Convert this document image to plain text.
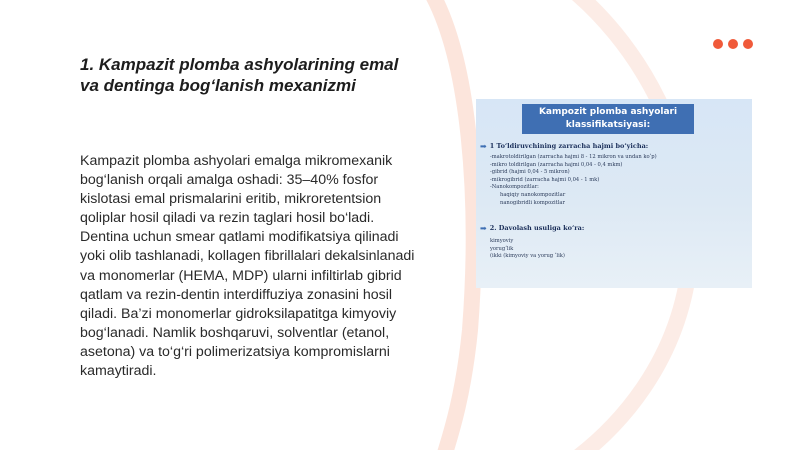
1. Kampazit plomba ashyolarining emal va dentinga bog‘lanish mexanizmi

Kampazit plomba ashyolari emalga mikromexanik bog‘lanish orqali amalga oshadi: 35–40% fosfor kislotasi emal prismalarini eritib, mikroretentsion qoliplar hosil qiladi va rezin taglari hosil bo‘ladi. Dentina uchun smear qatlami modifikatsiya qilinadi yoki olib tashlanadi, kollagen fibrillalari dekalsinlanadi va monomerlar (HEMA, MDP) ularni infiltirlab gibrid qatlam va rezin-dentin interdiffuziya zonasini hosil qiladi. Ba’zi monomerlar gidroksilapatitga kimyoviy bog‘lanadi. Namlik boshqaruvi, solventlar (etanol, asetona) va to‘g‘ri polimerizatsiya kompromislarni kamaytiradi.

Kampozit plomba ashyolari
klassifikatsiyasi:
➡ 1 To‘ldiruvchining zarracha hajmi bo‘yicha:
-makrotoldirilgan (zarracha hajmi 8 - 12 mikron va undan ko‘p)
-mikro toldirilgan (zarracha hajmi 0,04 - 0,4 mkm)
-gibrid (hajmi 0,04 - 5 mikron)
-mikrogibrid (zarracha hajmi 0,04 - 1 mk)
-Nanokompozitlar:
haqiqiy nanokompozitlar
nanogibridli kompozitlar
➡ 2. Davolash usuliga ko‘ra:
kimyoviy
yorug‘lik
(ikki (kimyoviy va yorug ‘lik)
